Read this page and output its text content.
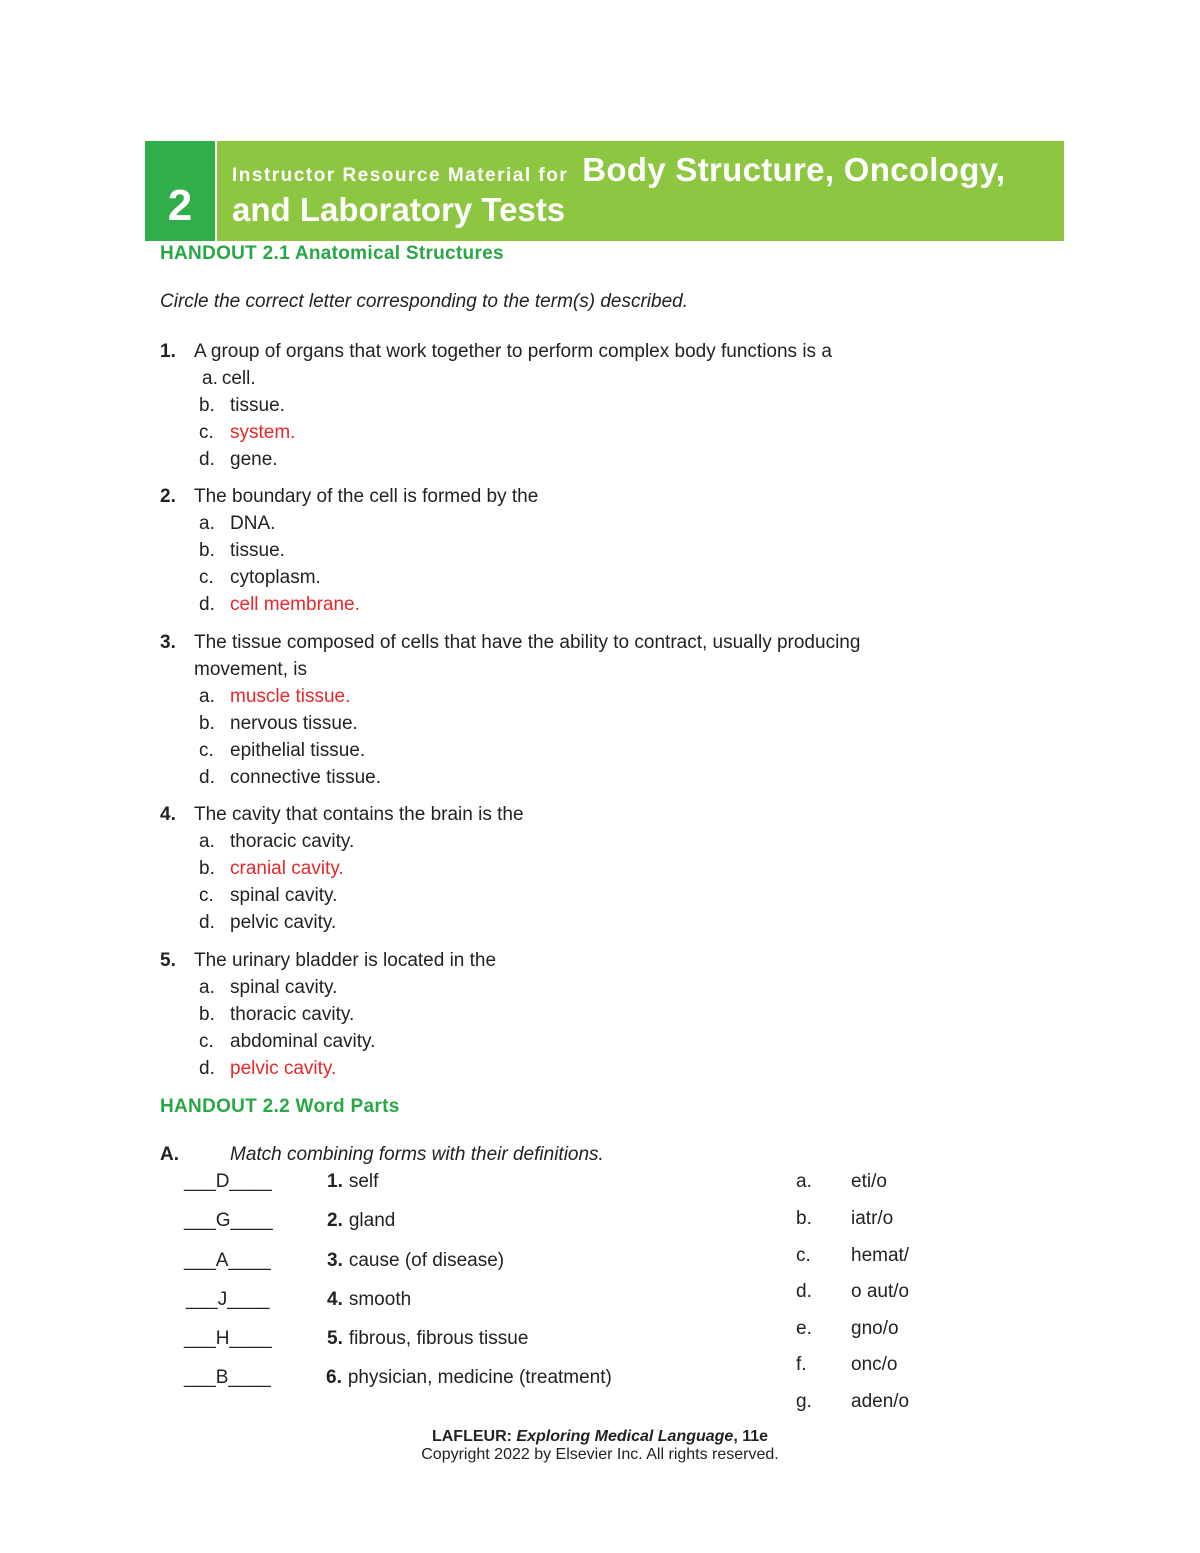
2
Instructor Resource Material for Body Structure, Oncology,
and Laboratory Tests
HANDOUT 2.1 Anatomical Structures
Circle the correct letter corresponding to the term(s) described.
1. A group of organs that work together to perform complex body functions is a
a. cell.
b. tissue.
c. system.
d. gene.
2. The boundary of the cell is formed by the
a. DNA.
b. tissue.
c. cytoplasm.
d. cell membrane.
3. The tissue composed of cells that have the ability to contract, usually producing
movement, is
a. muscle tissue.
b. nervous tissue.
c. epithelial tissue.
d. connective tissue.
4. The cavity that contains the brain is the
a. thoracic cavity.
b. cranial cavity.
c. spinal cavity.
d. pelvic cavity.
5. The urinary bladder is located in the
a. spinal cavity.
b. thoracic cavity.
c. abdominal cavity.
d. pelvic cavity.
HANDOUT 2.2 Word Parts
A.	Match combining forms with their definitions.
___D____
___G____
___A____
___J____
___H____
___B____
1. self
2. gland
3. cause (of disease)
4. smooth
5. fibrous, fibrous tissue
6. physician, medicine (treatment)
a. eti/o
b. iatr/o
c. hemat/
d. o aut/o
e. gno/o
f. onc/o
g. aden/o
LAFLEUR: Exploring Medical Language, 11e
Copyright 2022 by Elsevier Inc. All rights reserved.
